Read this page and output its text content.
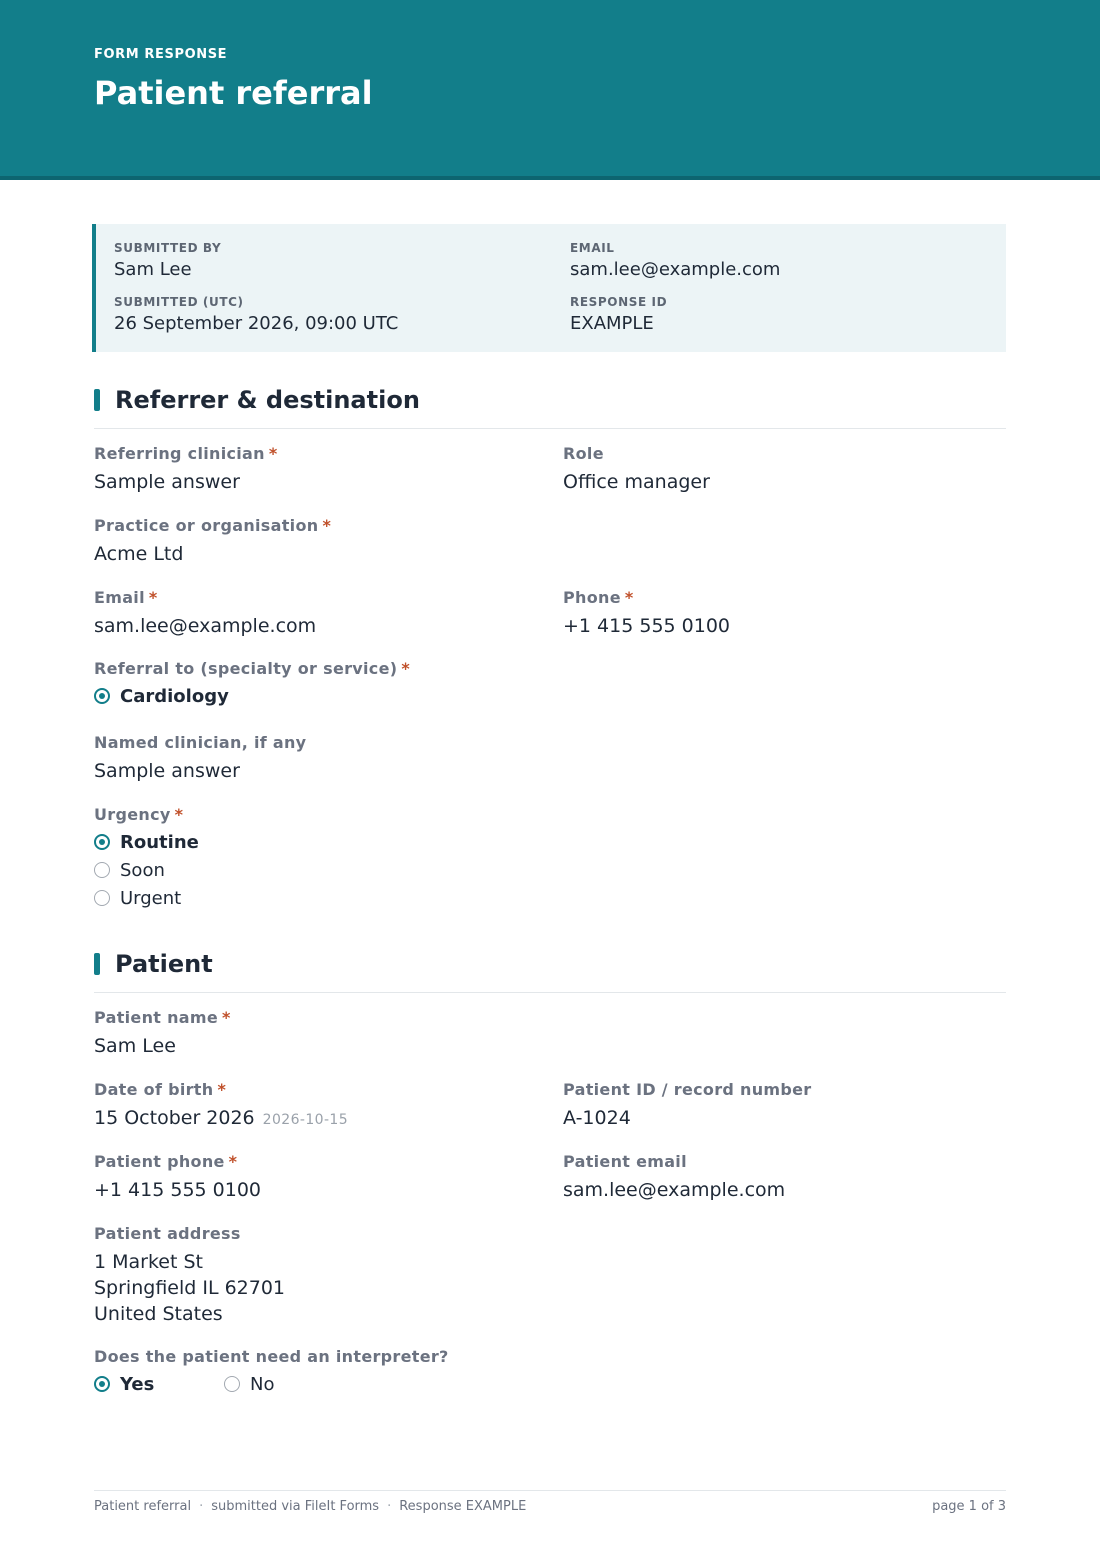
FORM RESPONSE
Patient referral
SUBMITTED BY
Sam Lee
EMAIL
sam.lee@example.com
SUBMITTED (UTC)
26 September 2026, 09:00 UTC
RESPONSE ID
EXAMPLE
Referrer & destination
Referring clinician *
Sample answer
Role
Office manager
Practice or organisation *
Acme Ltd
Email *
sam.lee@example.com
Phone *
+1 415 555 0100
Referral to (specialty or service) *
Cardiology
Named clinician, if any
Sample answer
Urgency *
Routine
Soon
Urgent
Patient
Patient name *
Sam Lee
Date of birth *
15 October 2026 2026-10-15
Patient ID / record number
A-1024
Patient phone *
+1 415 555 0100
Patient email
sam.lee@example.com
Patient address
1 Market St
Springfield IL 62701
United States
Does the patient need an interpreter?
Yes	No
Patient referral · submitted via FileIt Forms · Response EXAMPLE	page 1 of 3
